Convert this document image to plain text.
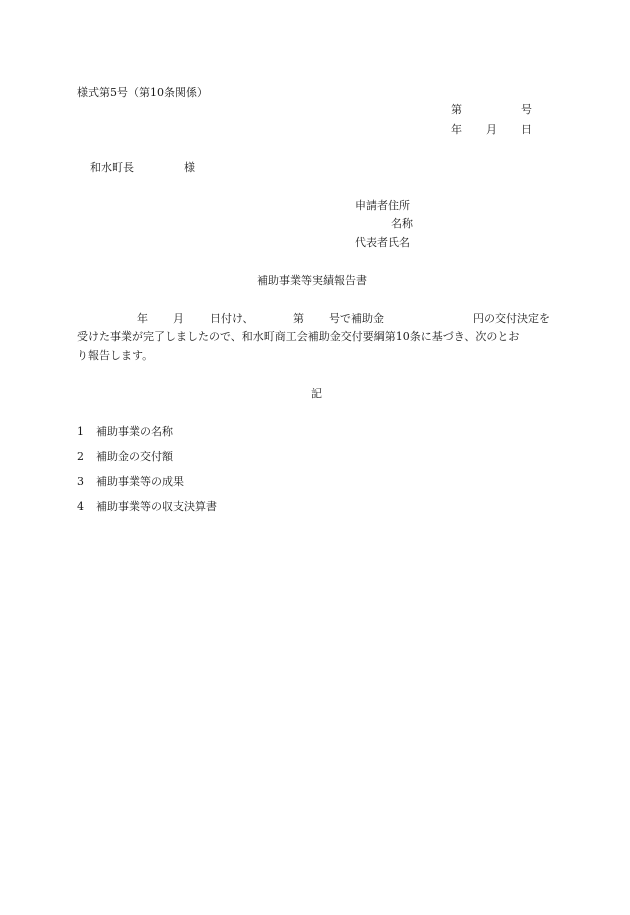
様式第5号（第10条関係）
第	号
年 月 日
和水町長	様
申請者住所
名称
代表者氏名
補助事業等実績報告書

年

月

日付け、

	第

号で補助金

	円の交付決定を

受けた事業が完了しましたので、和水町商工会補助金交付要綱第10条に基づき、次のとお
り報告します。
記

1

補助事業の名称

2

補助金の交付額

3

補助事業等の成果

4

補助事業等の収支決算書
